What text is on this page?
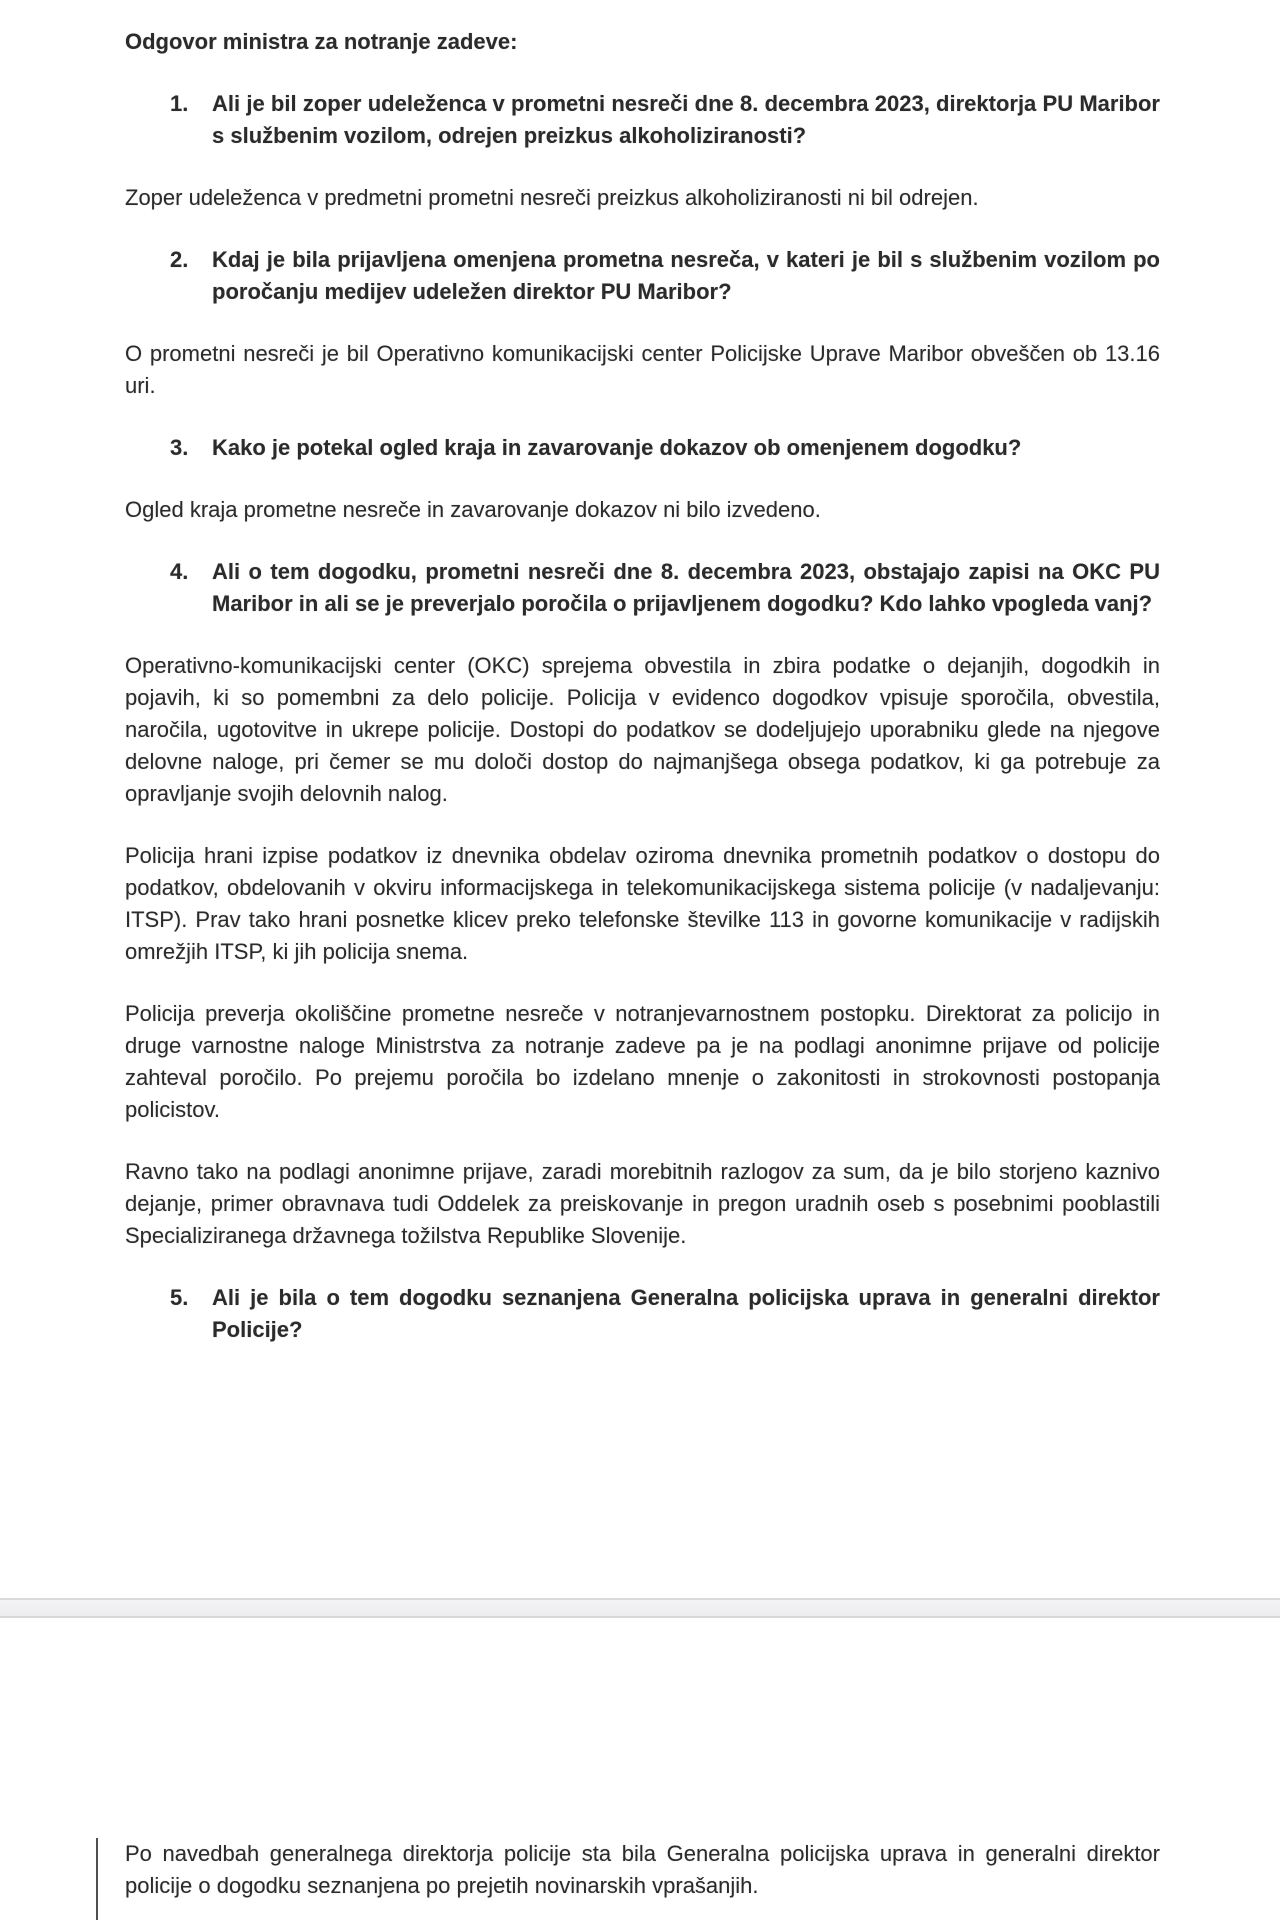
Odgovor ministra za notranje zadeve:
1. Ali je bil zoper udeleženca v prometni nesreči dne 8. decembra 2023, direktorja PU Maribor s službenim vozilom, odrejen preizkus alkoholiziranosti?
Zoper udeleženca v predmetni prometni nesreči preizkus alkoholiziranosti ni bil odrejen.
2. Kdaj je bila prijavljena omenjena prometna nesreča, v kateri je bil s službenim vozilom po poročanju medijev udeležen direktor PU Maribor?
O prometni nesreči je bil Operativno komunikacijski center Policijske Uprave Maribor obveščen ob 13.16 uri.
3. Kako je potekal ogled kraja in zavarovanje dokazov ob omenjenem dogodku?
Ogled kraja prometne nesreče in zavarovanje dokazov ni bilo izvedeno.
4. Ali o tem dogodku, prometni nesreči dne 8. decembra 2023, obstajajo zapisi na OKC PU Maribor in ali se je preverjalo poročila o prijavljenem dogodku? Kdo lahko vpogleda vanj?
Operativno-komunikacijski center (OKC) sprejema obvestila in zbira podatke o dejanjih, dogodkih in pojavih, ki so pomembni za delo policije. Policija v evidenco dogodkov vpisuje sporočila, obvestila, naročila, ugotovitve in ukrepe policije. Dostopi do podatkov se dodeljujejo uporabniku glede na njegove delovne naloge, pri čemer se mu določi dostop do najmanjšega obsega podatkov, ki ga potrebuje za opravljanje svojih delovnih nalog.
Policija hrani izpise podatkov iz dnevnika obdelav oziroma dnevnika prometnih podatkov o dostopu do podatkov, obdelovanih v okviru informacijskega in telekomunikacijskega sistema policije (v nadaljevanju: ITSP). Prav tako hrani posnetke klicev preko telefonske številke 113 in govorne komunikacije v radijskih omrežjih ITSP, ki jih policija snema.
Policija preverja okoliščine prometne nesreče v notranjevarnostnem postopku. Direktorat za policijo in druge varnostne naloge Ministrstva za notranje zadeve pa je na podlagi anonimne prijave od policije zahteval poročilo. Po prejemu poročila bo izdelano mnenje o zakonitosti in strokovnosti postopanja policistov.
Ravno tako na podlagi anonimne prijave, zaradi morebitnih razlogov za sum, da je bilo storjeno kaznivo dejanje, primer obravnava tudi Oddelek za preiskovanje in pregon uradnih oseb s posebnimi pooblastili Specializiranega državnega tožilstva Republike Slovenije.
5. Ali je bila o tem dogodku seznanjena Generalna policijska uprava in generalni direktor Policije?
Po navedbah generalnega direktorja policije sta bila Generalna policijska uprava in generalni direktor policije o dogodku seznanjena po prejetih novinarskih vprašanjih.
